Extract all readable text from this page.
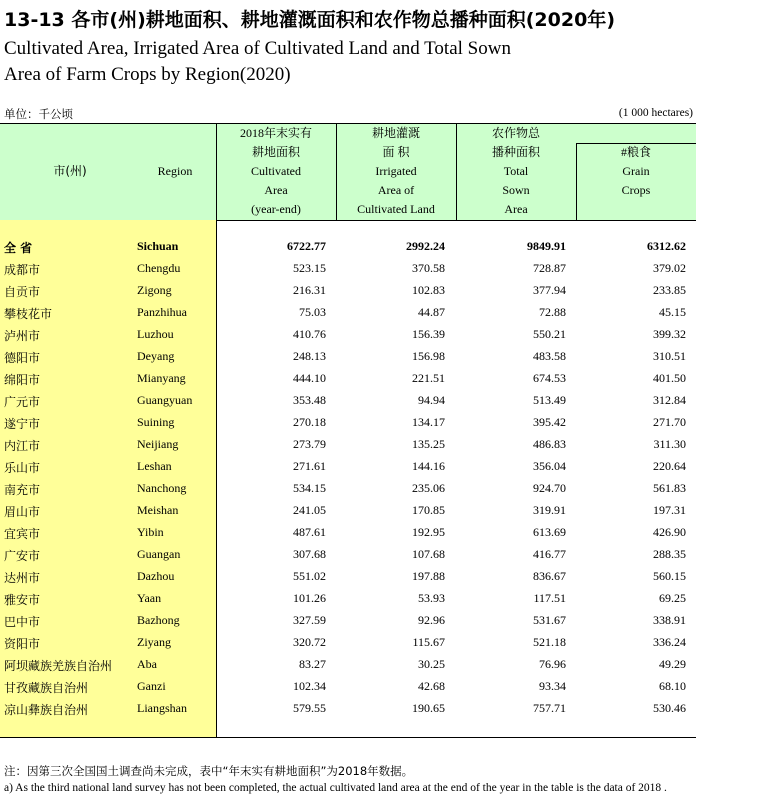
13-13 各市(州)耕地面积、耕地灌溉面积和农作物总播种面积(2020年)
Cultivated Area, Irrigated Area of Cultivated Land and Total Sown
Area of Farm Crops by Region(2020)
单位：千公顷	(1 000 hectares)
市(州)	Region
2018年末实有
耕地面积
Cultivated
Area
(year-end)
耕地灌溉
面 积
Irrigated
Area of
Cultivated Land
农作物总
播种面积
Total
Sown
Area
#粮食
Grain
Crops
全 省	Sichuan	6722.77	2992.24	9849.91	6312.62
成都市	Chengdu	523.15	370.58	728.87	379.02
自贡市	Zigong	216.31	102.83	377.94	233.85
攀枝花市	Panzhihua	75.03	44.87	72.88	45.15
泸州市	Luzhou	410.76	156.39	550.21	399.32
德阳市	Deyang	248.13	156.98	483.58	310.51
绵阳市	Mianyang	444.10	221.51	674.53	401.50
广元市	Guangyuan	353.48	94.94	513.49	312.84
遂宁市	Suining	270.18	134.17	395.42	271.70
内江市	Neijiang	273.79	135.25	486.83	311.30
乐山市	Leshan	271.61	144.16	356.04	220.64
南充市	Nanchong	534.15	235.06	924.70	561.83
眉山市	Meishan	241.05	170.85	319.91	197.31
宜宾市	Yibin	487.61	192.95	613.69	426.90
广安市	Guangan	307.68	107.68	416.77	288.35
达州市	Dazhou	551.02	197.88	836.67	560.15
雅安市	Yaan	101.26	53.93	117.51	69.25
巴中市	Bazhong	327.59	92.96	531.67	338.91
资阳市	Ziyang	320.72	115.67	521.18	336.24
阿坝藏族羌族自治州 Aba	83.27	30.25	76.96	49.29
甘孜藏族自治州	Ganzi	102.34	42.68	93.34	68.10
凉山彝族自治州	Liangshan	579.55	190.65	757.71	530.46
注：因第三次全国国土调查尚未完成，表中“年末实有耕地面积”为2018年数据。
a) As the third national land survey has not been completed, the actual cultivated land area at the end of the year in the table is the data of 2018 .
